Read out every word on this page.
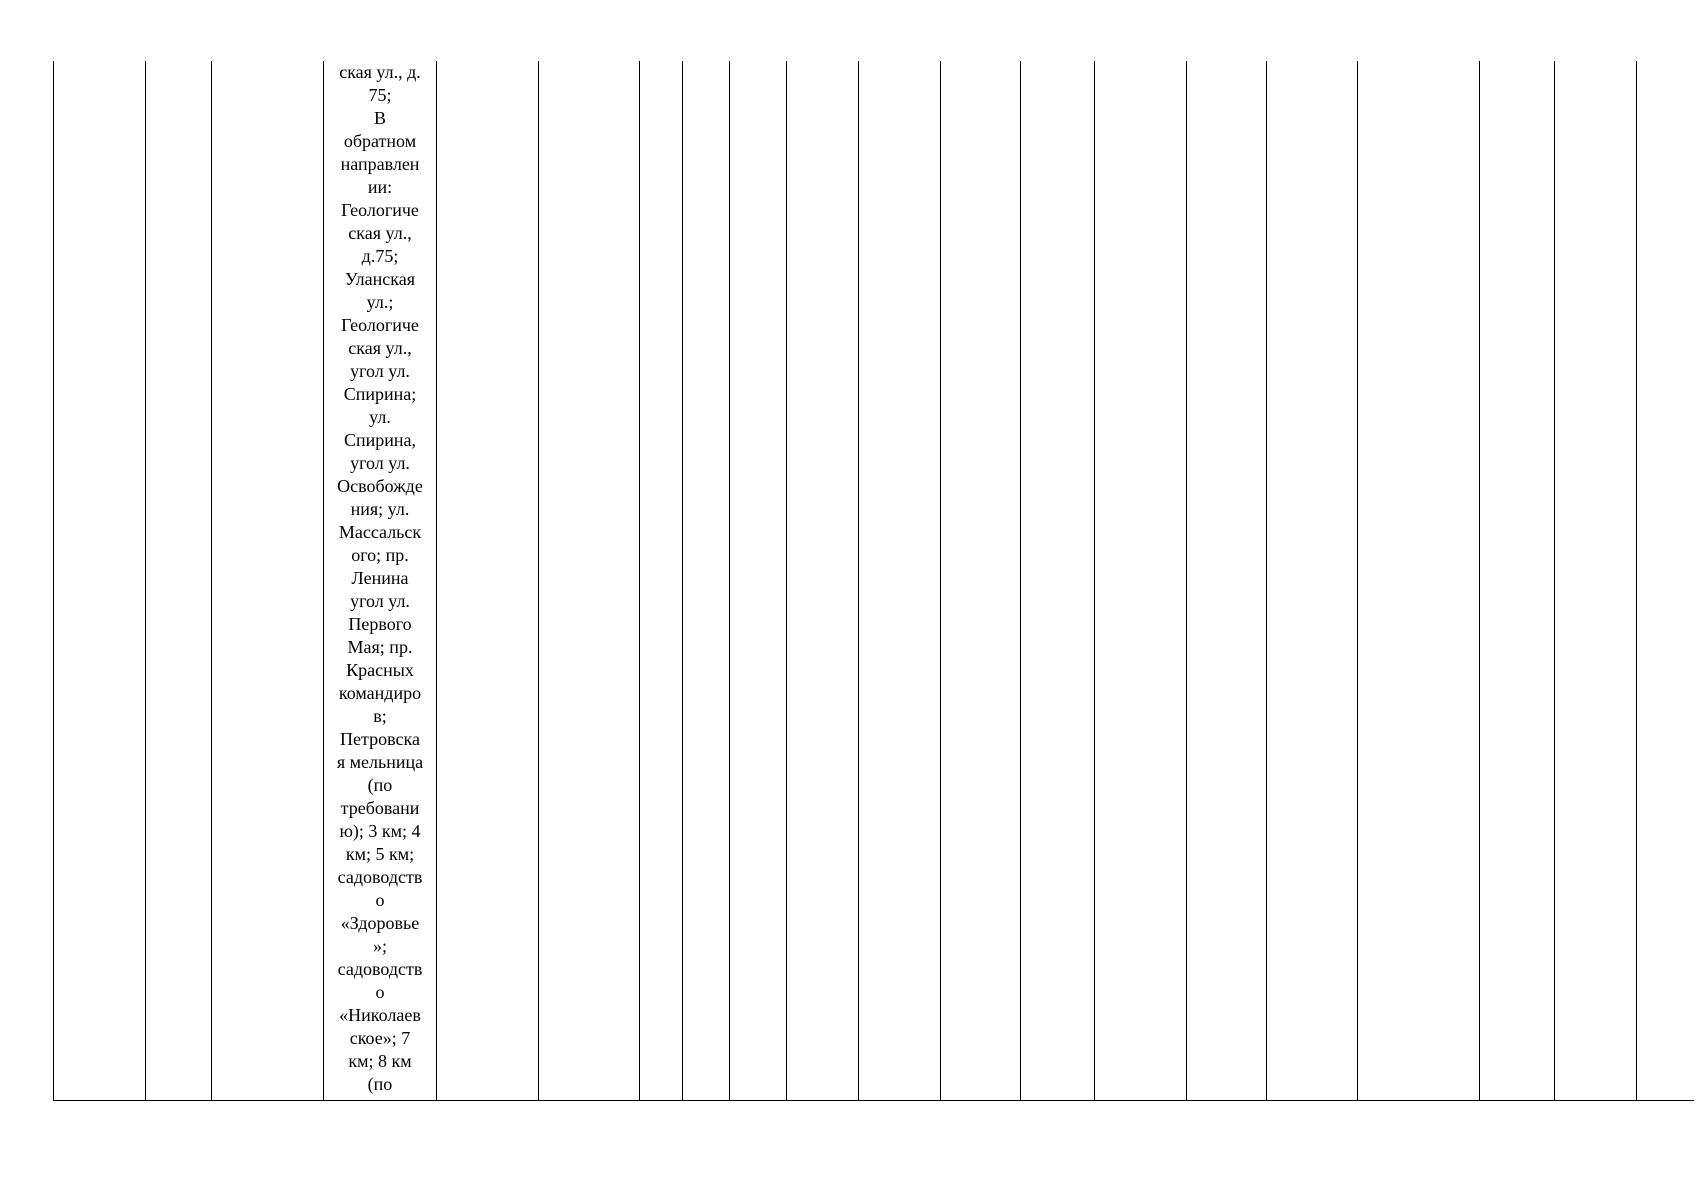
ская ул., д.
75;
В
обратном
направлен
ии:
Геологиче
ская ул.,
д.75;
Уланская
ул.;
Геологиче
ская ул.,
угол ул.
Спирина;
ул.
Спирина,
угол ул.
Освобожде
ния; ул.
Массальск
ого; пр.
Ленина
угол ул.
Первого
Мая; пр.
Красных
командиро
в;
Петровска
я мельница
(по
требовани
ю); 3 км; 4
км; 5 км;
садоводств
о
«Здоровье
»;
садоводств
о
«Николаев
ское»; 7
км; 8 км
(по
